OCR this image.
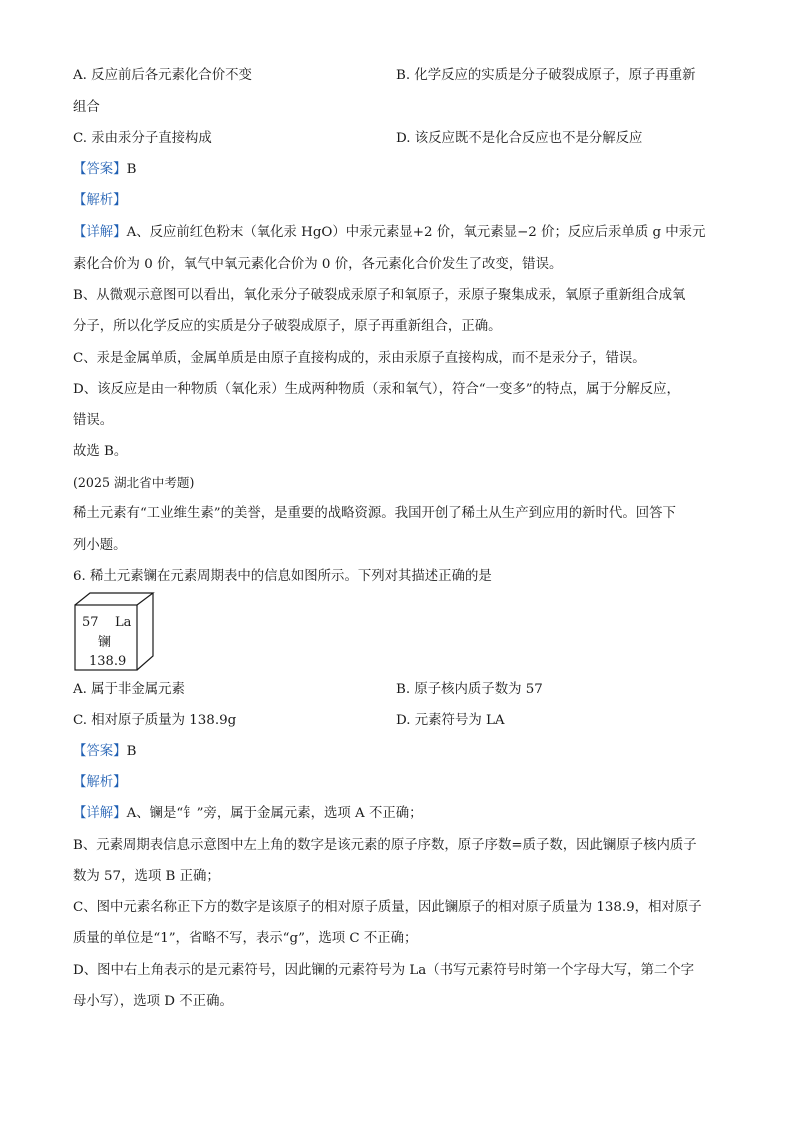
A. 反应前后各元素化合价不变	B. 化学反应的实质是分子破裂成原子，原子再重新
组合
C. 汞由汞分子直接构成	D. 该反应既不是化合反应也不是分解反应
【答案】B
【解析】
【详解】A、反应前红色粉末（氧化汞 HgO）中汞元素显+2 价，氧元素显−2 价；反应后汞单质 g 中汞元
素化合价为 0 价，氧气中氧元素化合价为 0 价，各元素化合价发生了改变，错误。
B、从微观示意图可以看出，氧化汞分子破裂成汞原子和氧原子，汞原子聚集成汞，氧原子重新组合成氧
分子，所以化学反应的实质是分子破裂成原子，原子再重新组合，正确。
C、汞是金属单质，金属单质是由原子直接构成的，汞由汞原子直接构成，而不是汞分子，错误。
D、该反应是由一种物质（氧化汞）生成两种物质（汞和氧气），符合“一变多”的特点，属于分解反应，
错误。
故选 B。
(2025 湖北省中考题)
稀土元素有“工业维生素”的美誉，是重要的战略资源。我国开创了稀土从生产到应用的新时代。回答下
列小题。
6. 稀土元素镧在元素周期表中的信息如图所示。下列对其描述正确的是
57 La
镧
138.9
A. 属于非金属元素	B. 原子核内质子数为 57
C. 相对原子质量为 138.9g	D. 元素符号为 LA
【答案】B
【解析】
【详解】A、镧是“钅”旁，属于金属元素，选项 A 不正确；
B、元素周期表信息示意图中左上角的数字是该元素的原子序数，原子序数=质子数，因此镧原子核内质子
数为 57，选项 B 正确；
C、图中元素名称正下方的数字是该原子的相对原子质量，因此镧原子的相对原子质量为 138.9，相对原子
质量的单位是“1”，省略不写，表示“g”，选项 C 不正确；
D、图中右上角表示的是元素符号，因此镧的元素符号为 La（书写元素符号时第一个字母大写，第二个字
母小写），选项 D 不正确。
